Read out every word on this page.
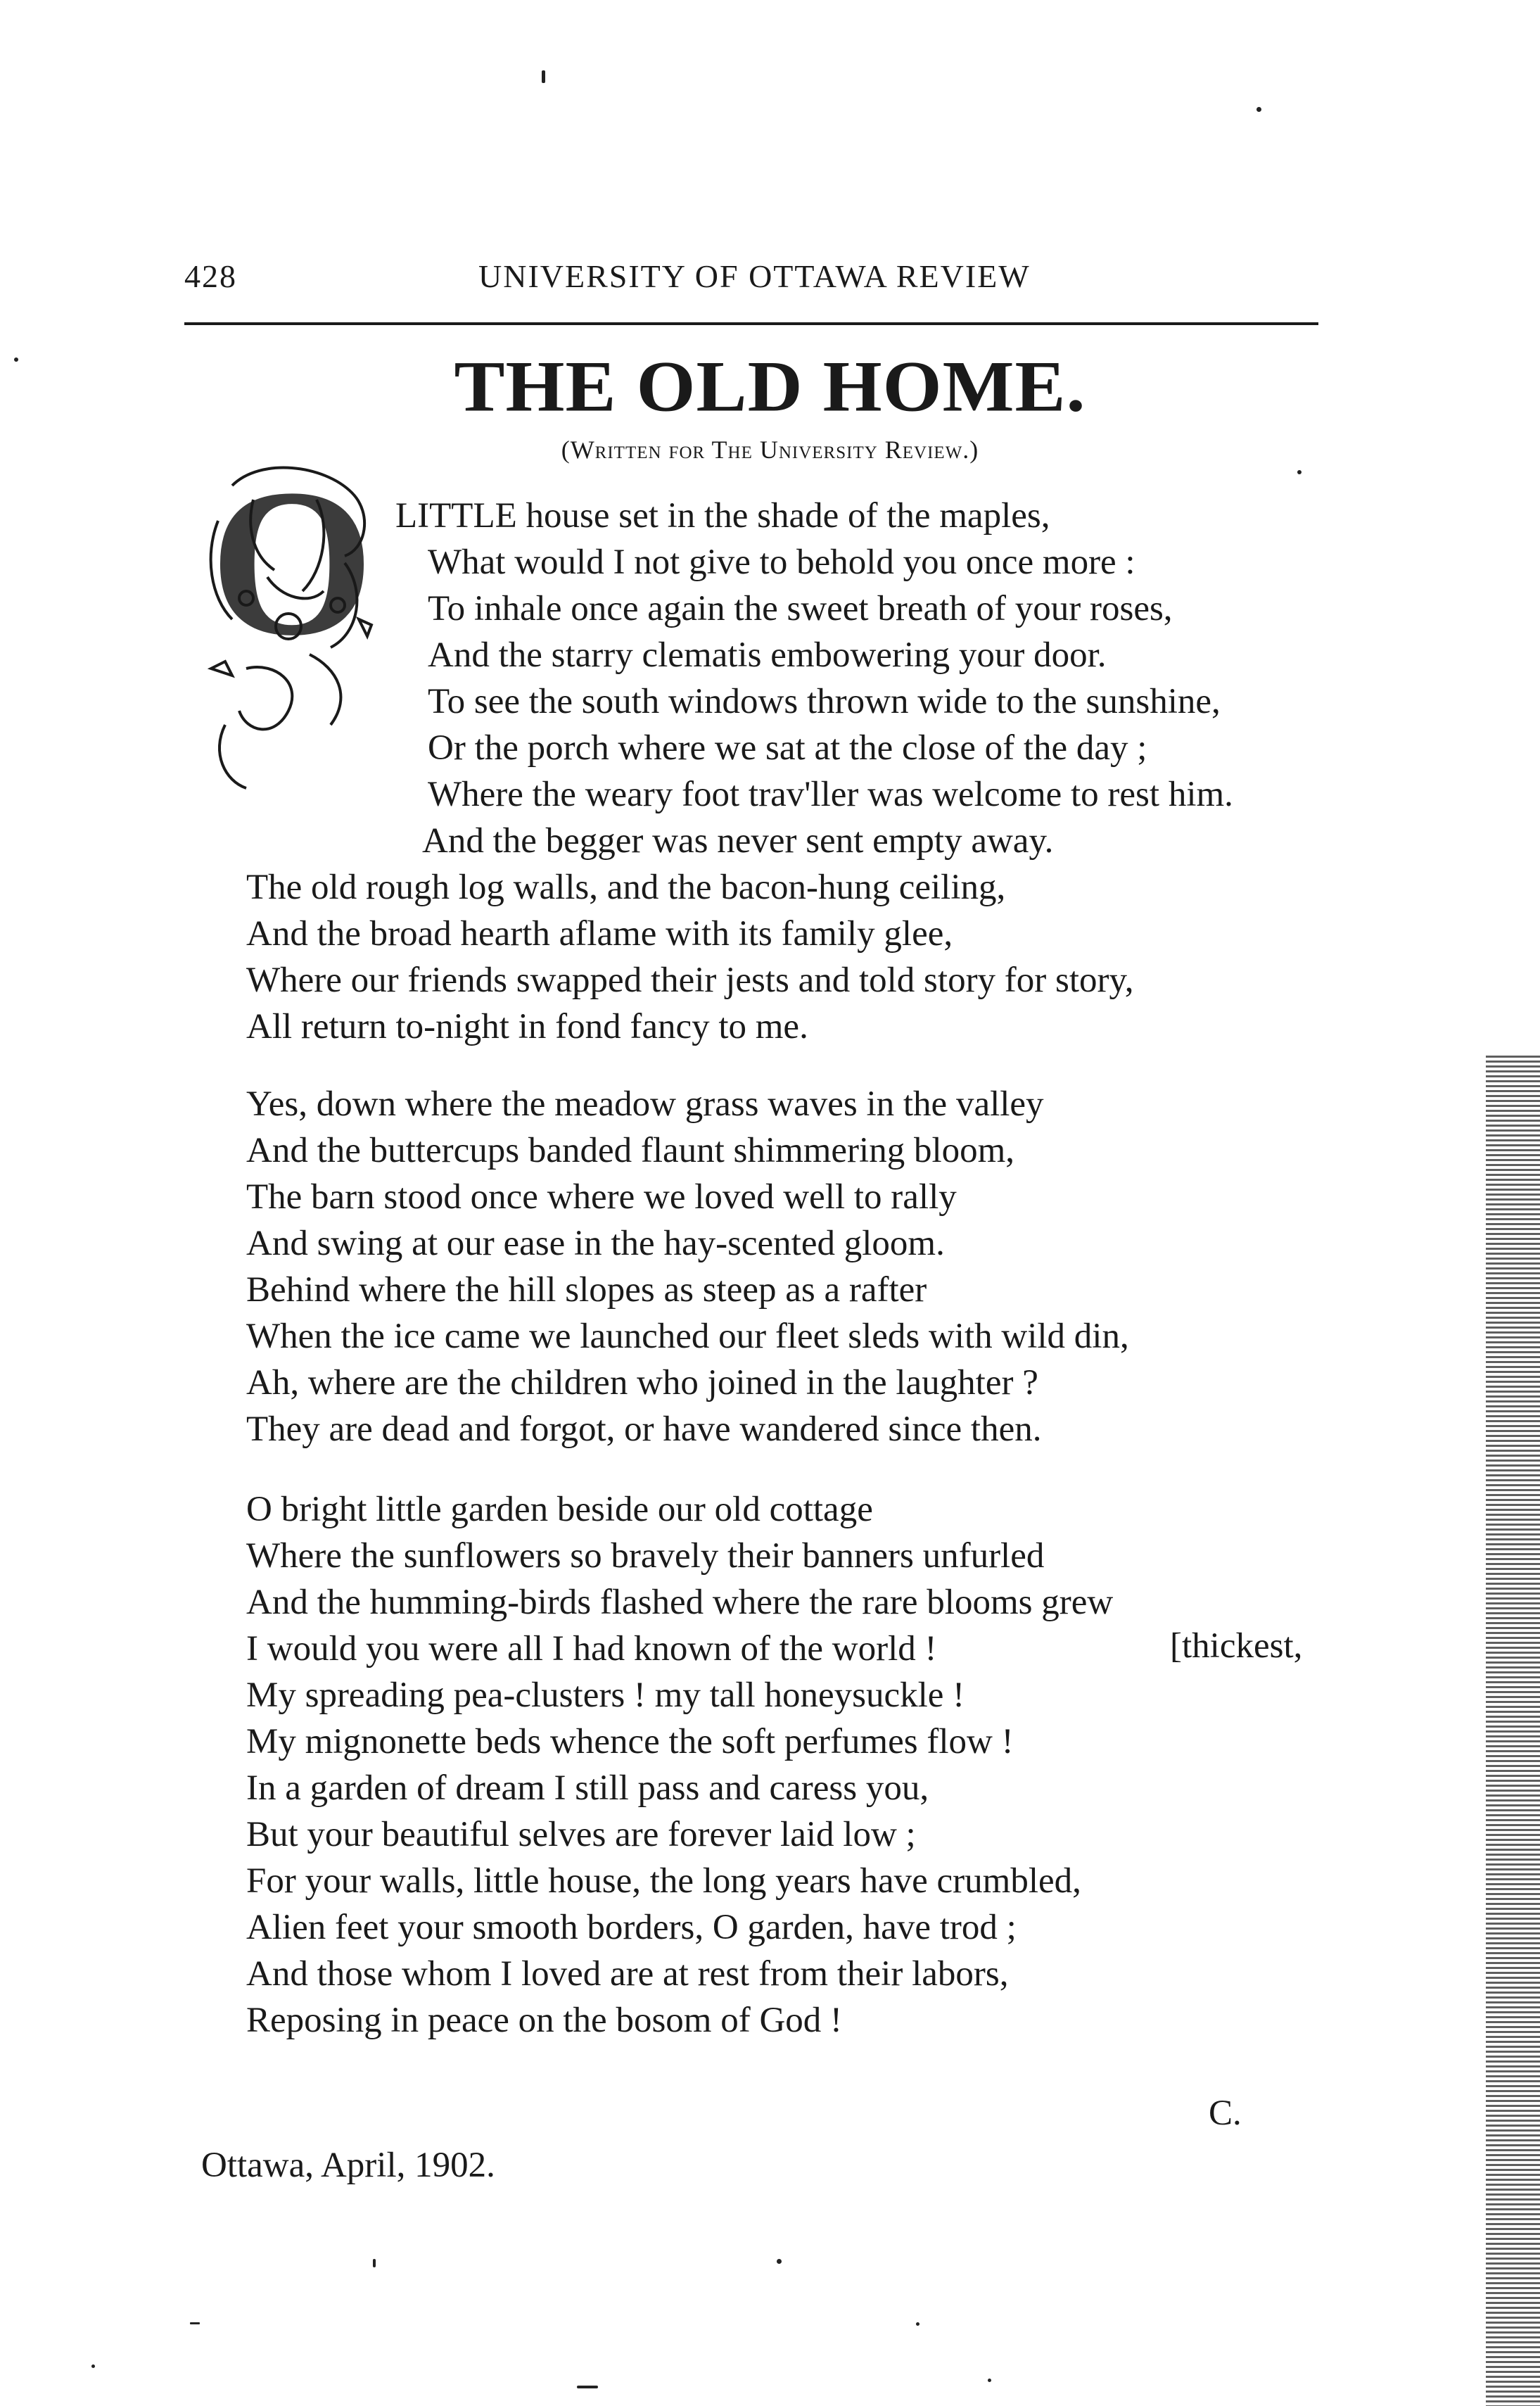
428	UNIVERSITY OF OTTAWA REVIEW
THE OLD HOME.
(Written for The University Review.)
O LITTLE house set in the shade of the maples,
What would I not give to behold you once more :
To inhale once again the sweet breath of your roses,
And the starry clematis embowering your door.
To see the south windows thrown wide to the sunshine,
Or the porch where we sat at the close of the day ;
Where the weary foot trav'ller was welcome to rest him.
And the begger was never sent empty away.
The old rough log walls, and the bacon-hung ceiling,
And the broad hearth aflame with its family glee,
Where our friends swapped their jests and told story for story,
All return to-night in fond fancy to me.
Yes, down where the meadow grass waves in the valley
And the buttercups banded flaunt shimmering bloom,
The barn stood once where we loved well to rally
And swing at our ease in the hay-scented gloom.
Behind where the hill slopes as steep as a rafter
When the ice came we launched our fleet sleds with wild din,
Ah, where are the children who joined in the laughter ?
They are dead and forgot, or have wandered since then.
O bright little garden beside our old cottage
Where the sunflowers so bravely their banners unfurled
And the humming-birds flashed where the rare blooms grew
I would you were all I had known of the world !
My spreading pea-clusters ! my tall honeysuckle !
My mignonette beds whence the soft perfumes flow !
In a garden of dream I still pass and caress you,
But your beautiful selves are forever laid low ;
For your walls, little house, the long years have crumbled,
Alien feet your smooth borders, O garden, have trod ;
And those whom I loved are at rest from their labors,
Reposing in peace on the bosom of God !
[thickest,
C.
Ottawa, April, 1902.
